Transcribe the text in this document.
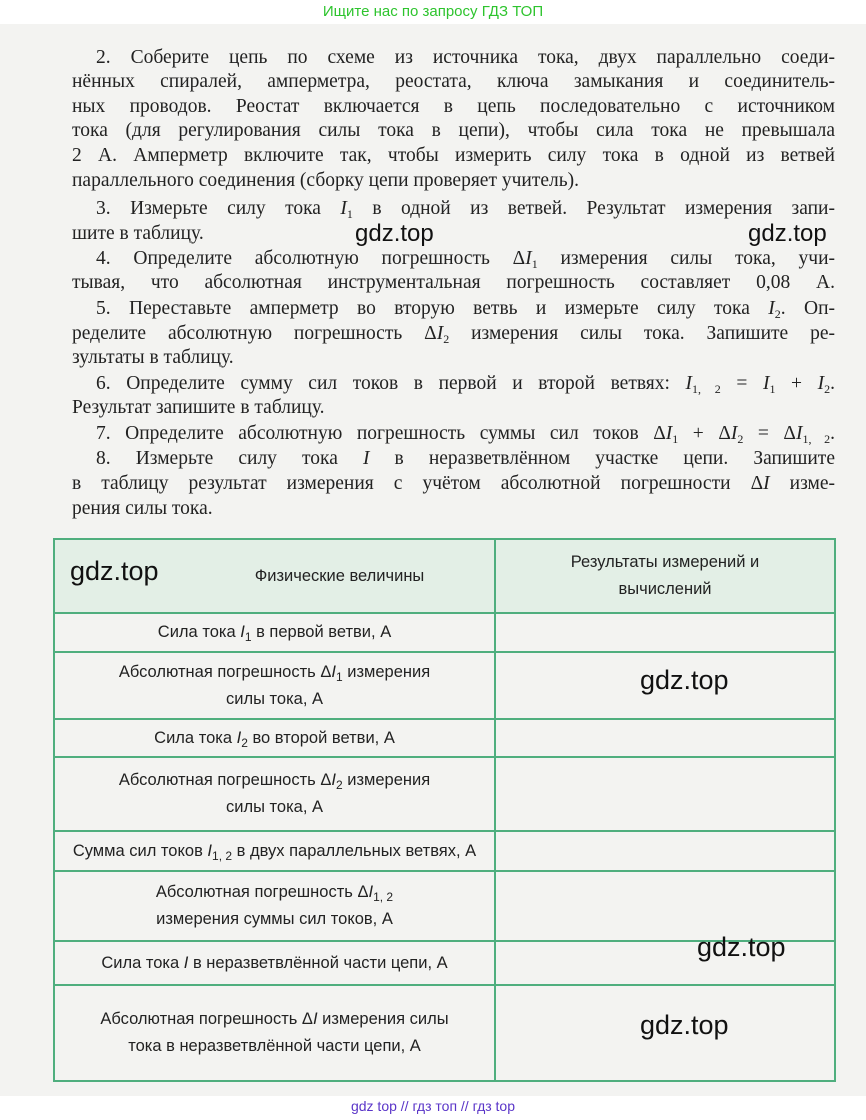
Ищите нас по запросу ГДЗ ТОП
2. Соберите цепь по схеме из источника тока, двух параллельно соеди-
нённых спиралей, амперметра, реостата, ключа замыкания и соединитель-
ных проводов. Реостат включается в цепь последовательно с источником
тока (для регулирования силы тока в цепи), чтобы сила тока не превышала
2 А. Амперметр включите так, чтобы измерить силу тока в одной из ветвей
параллельного соединения (сборку цепи проверяет учитель).
3. Измерьте силу тока $I_1$ в одной из ветвей. Результат измерения запи-
шите в таблицу.
4. Определите абсолютную погрешность $\Delta I_1$ измерения силы тока, учи-
тывая, что абсолютная инструментальная погрешность составляет 0,08 А.
5. Переставьте амперметр во вторую ветвь и измерьте силу тока $I_2$. Оп-
ределите абсолютную погрешность $\Delta I_2$ измерения силы тока. Запишите ре-
зультаты в таблицу.
6. Определите сумму сил токов в первой и второй ветвях: $I_{1, 2} = I_1 + I_2$.
Результат запишите в таблицу.
7. Определите абсолютную погрешность суммы сил токов $\Delta I_1 + \Delta I_2 = \Delta I_{1, 2}$.
8. Измерьте силу тока I в неразветвлённом участке цепи. Запишите
в таблицу результат измерения с учётом абсолютной погрешности ΔI изме-
рения силы тока.
Физические величины	Результаты измерений и вычислений
Сила тока $I_1$ в первой ветви, А	
Абсолютная погрешность $\Delta I_1$ измерения силы тока, А	
Сила тока $I_2$ во второй ветви, А	
Абсолютная погрешность $\Delta I_2$ измерения силы тока, А	
Сумма сил токов $I_{1, 2}$ в двух параллельных ветвях, А	
Абсолютная погрешность $\Delta I_{1, 2}$ измерения суммы сил токов, А	
Сила тока I в неразветвлённой части цепи, А	
Абсолютная погрешность ΔI измерения силы тока в неразветвлённой части цепи, А	
gdz.top
gdz.top
gdz.top
gdz.top
gdz.top
gdz.top
gdz top // гдз топ // гдз top
